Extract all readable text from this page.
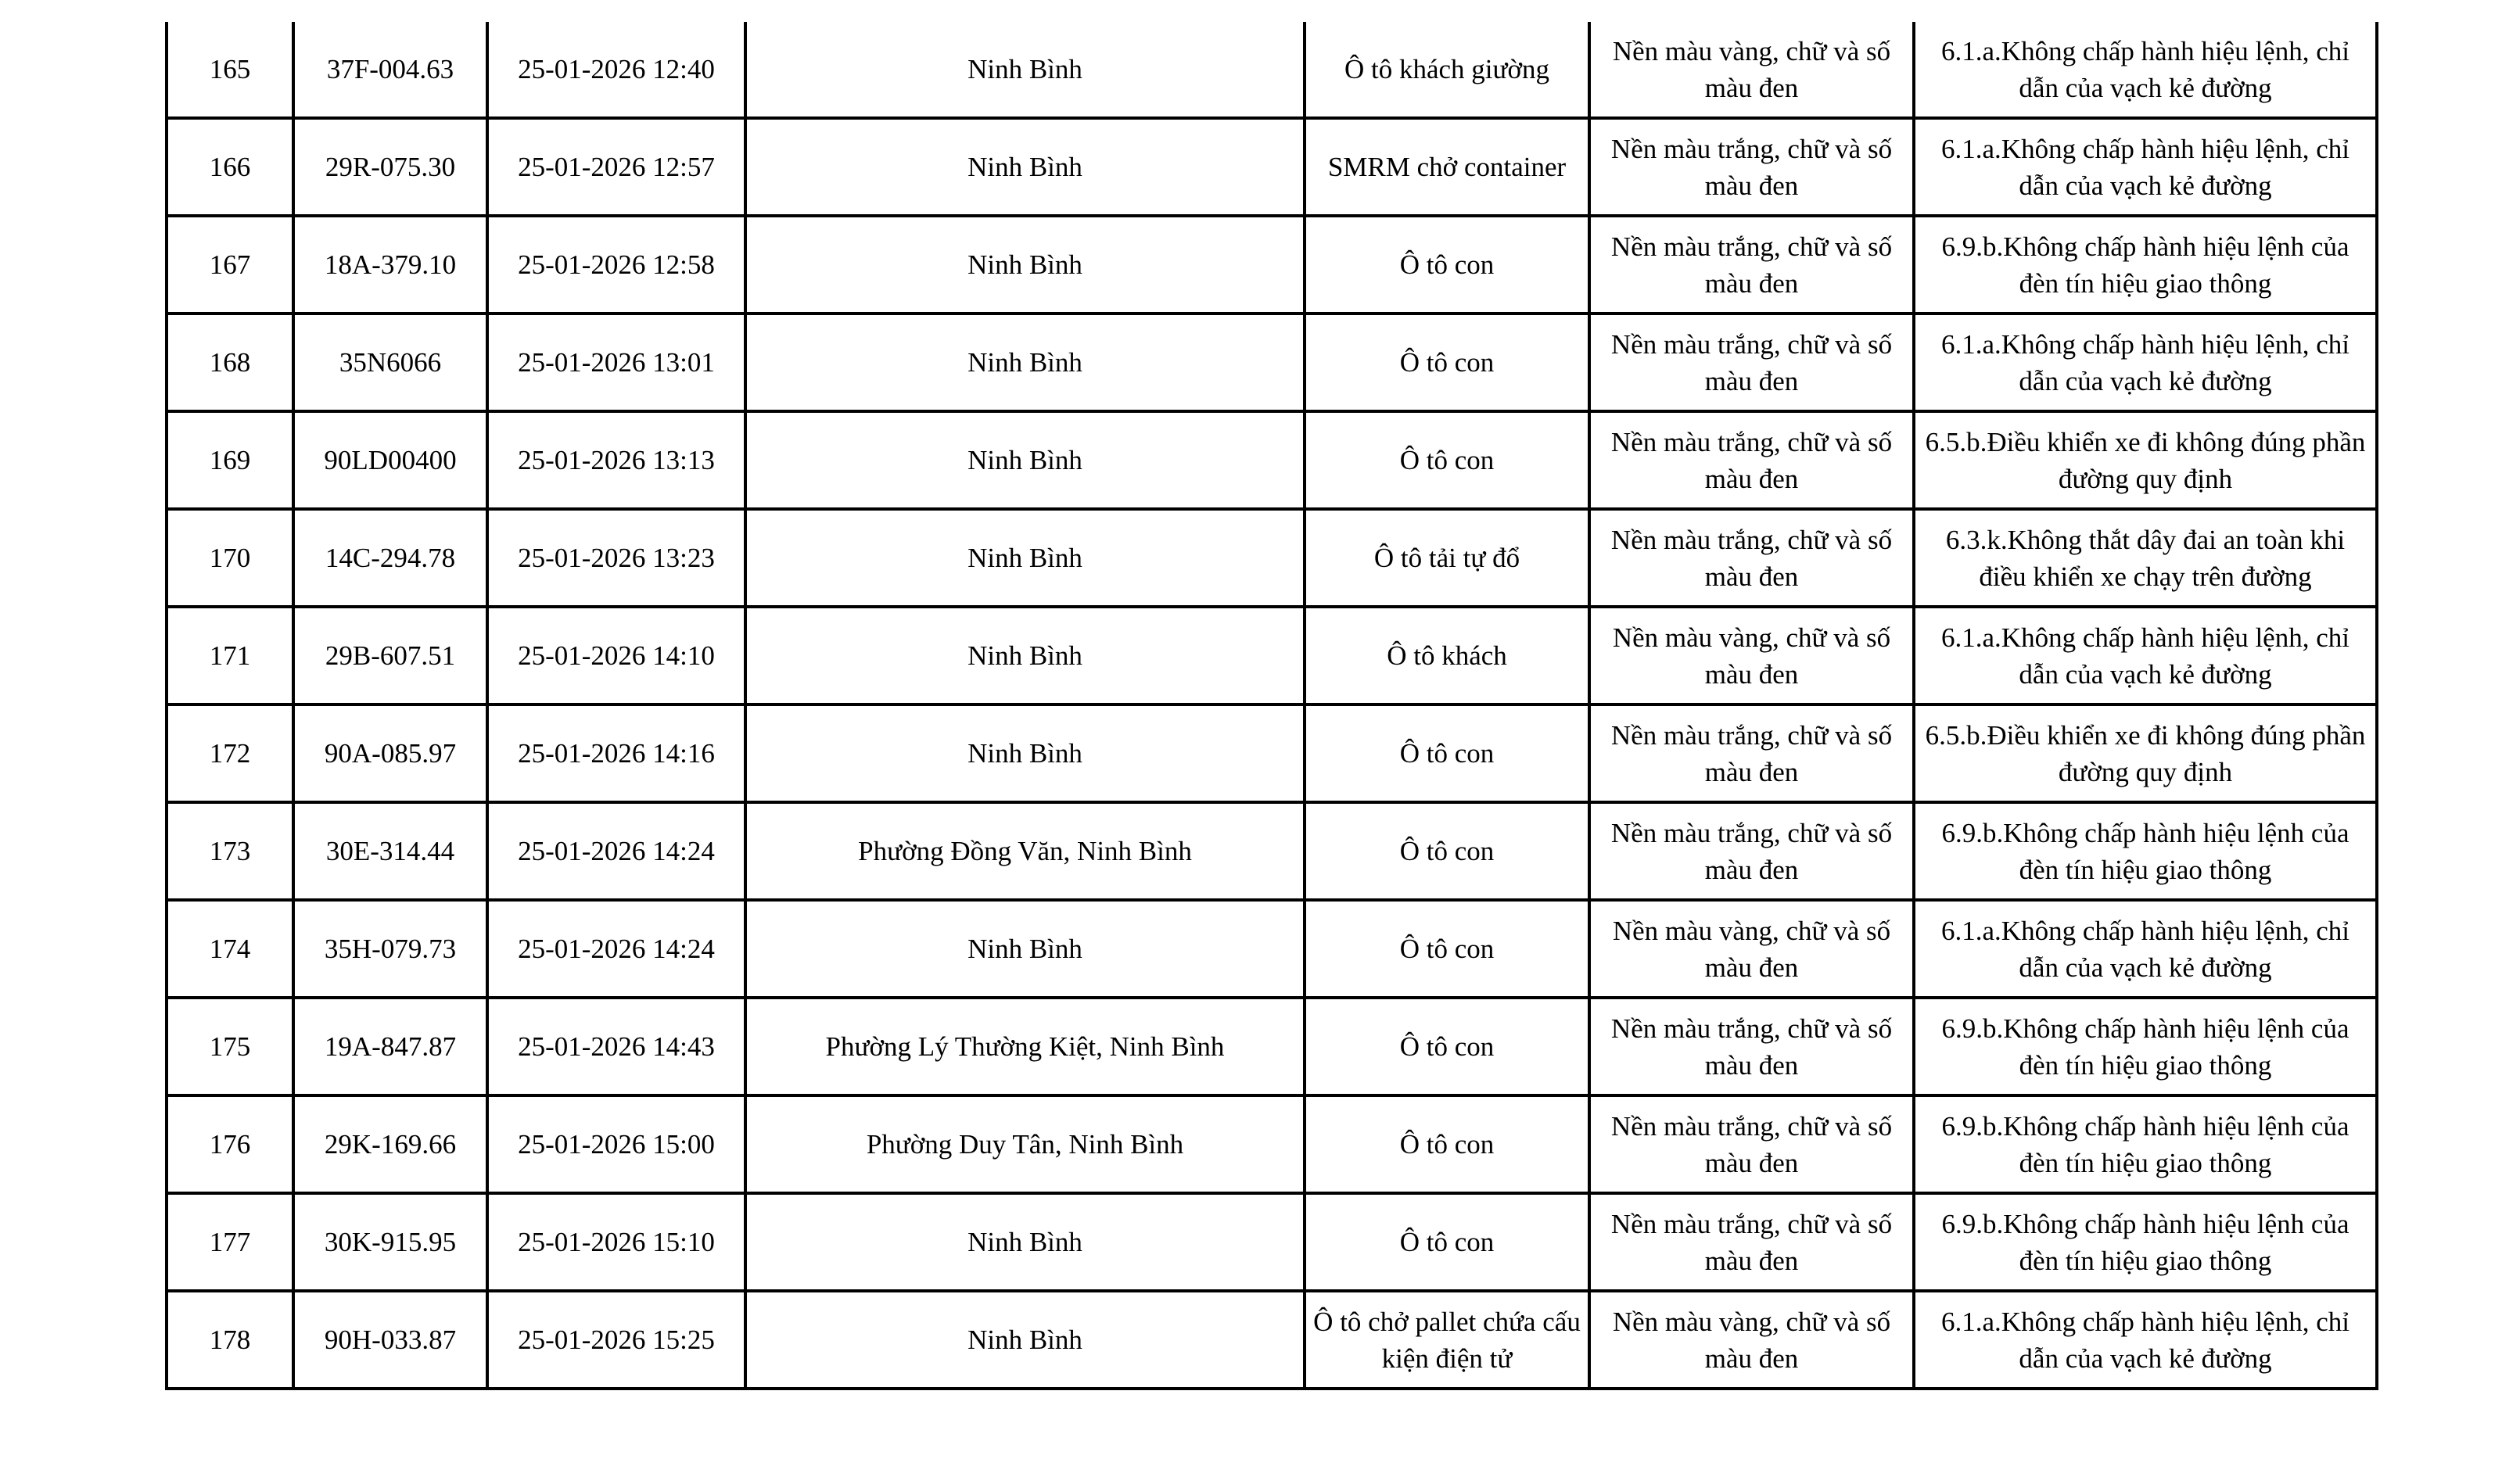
165	37F-004.63	25-01-2026 12:40	Ninh Bình	Ô tô khách giường	Nền màu vàng, chữ và số màu đen	6.1.a.Không chấp hành hiệu lệnh, chỉ dẫn của vạch kẻ đường
166	29R-075.30	25-01-2026 12:57	Ninh Bình	SMRM chở container	Nền màu trắng, chữ và số màu đen	6.1.a.Không chấp hành hiệu lệnh, chỉ dẫn của vạch kẻ đường
167	18A-379.10	25-01-2026 12:58	Ninh Bình	Ô tô con	Nền màu trắng, chữ và số màu đen	6.9.b.Không chấp hành hiệu lệnh của đèn tín hiệu giao thông
168	35N6066	25-01-2026 13:01	Ninh Bình	Ô tô con	Nền màu trắng, chữ và số màu đen	6.1.a.Không chấp hành hiệu lệnh, chỉ dẫn của vạch kẻ đường
169	90LD00400	25-01-2026 13:13	Ninh Bình	Ô tô con	Nền màu trắng, chữ và số màu đen	6.5.b.Điều khiển xe đi không đúng phần đường quy định
170	14C-294.78	25-01-2026 13:23	Ninh Bình	Ô tô tải tự đổ	Nền màu trắng, chữ và số màu đen	6.3.k.Không thắt dây đai an toàn khi điều khiển xe chạy trên đường
171	29B-607.51	25-01-2026 14:10	Ninh Bình	Ô tô khách	Nền màu vàng, chữ và số màu đen	6.1.a.Không chấp hành hiệu lệnh, chỉ dẫn của vạch kẻ đường
172	90A-085.97	25-01-2026 14:16	Ninh Bình	Ô tô con	Nền màu trắng, chữ và số màu đen	6.5.b.Điều khiển xe đi không đúng phần đường quy định
173	30E-314.44	25-01-2026 14:24	Phường Đồng Văn, Ninh Bình	Ô tô con	Nền màu trắng, chữ và số màu đen	6.9.b.Không chấp hành hiệu lệnh của đèn tín hiệu giao thông
174	35H-079.73	25-01-2026 14:24	Ninh Bình	Ô tô con	Nền màu vàng, chữ và số màu đen	6.1.a.Không chấp hành hiệu lệnh, chỉ dẫn của vạch kẻ đường
175	19A-847.87	25-01-2026 14:43	Phường Lý Thường Kiệt, Ninh Bình	Ô tô con	Nền màu trắng, chữ và số màu đen	6.9.b.Không chấp hành hiệu lệnh của đèn tín hiệu giao thông
176	29K-169.66	25-01-2026 15:00	Phường Duy Tân, Ninh Bình	Ô tô con	Nền màu trắng, chữ và số màu đen	6.9.b.Không chấp hành hiệu lệnh của đèn tín hiệu giao thông
177	30K-915.95	25-01-2026 15:10	Ninh Bình	Ô tô con	Nền màu trắng, chữ và số màu đen	6.9.b.Không chấp hành hiệu lệnh của đèn tín hiệu giao thông
178	90H-033.87	25-01-2026 15:25	Ninh Bình	Ô tô chở pallet chứa cấu kiện điện tử	Nền màu vàng, chữ và số màu đen	6.1.a.Không chấp hành hiệu lệnh, chỉ dẫn của vạch kẻ đường
